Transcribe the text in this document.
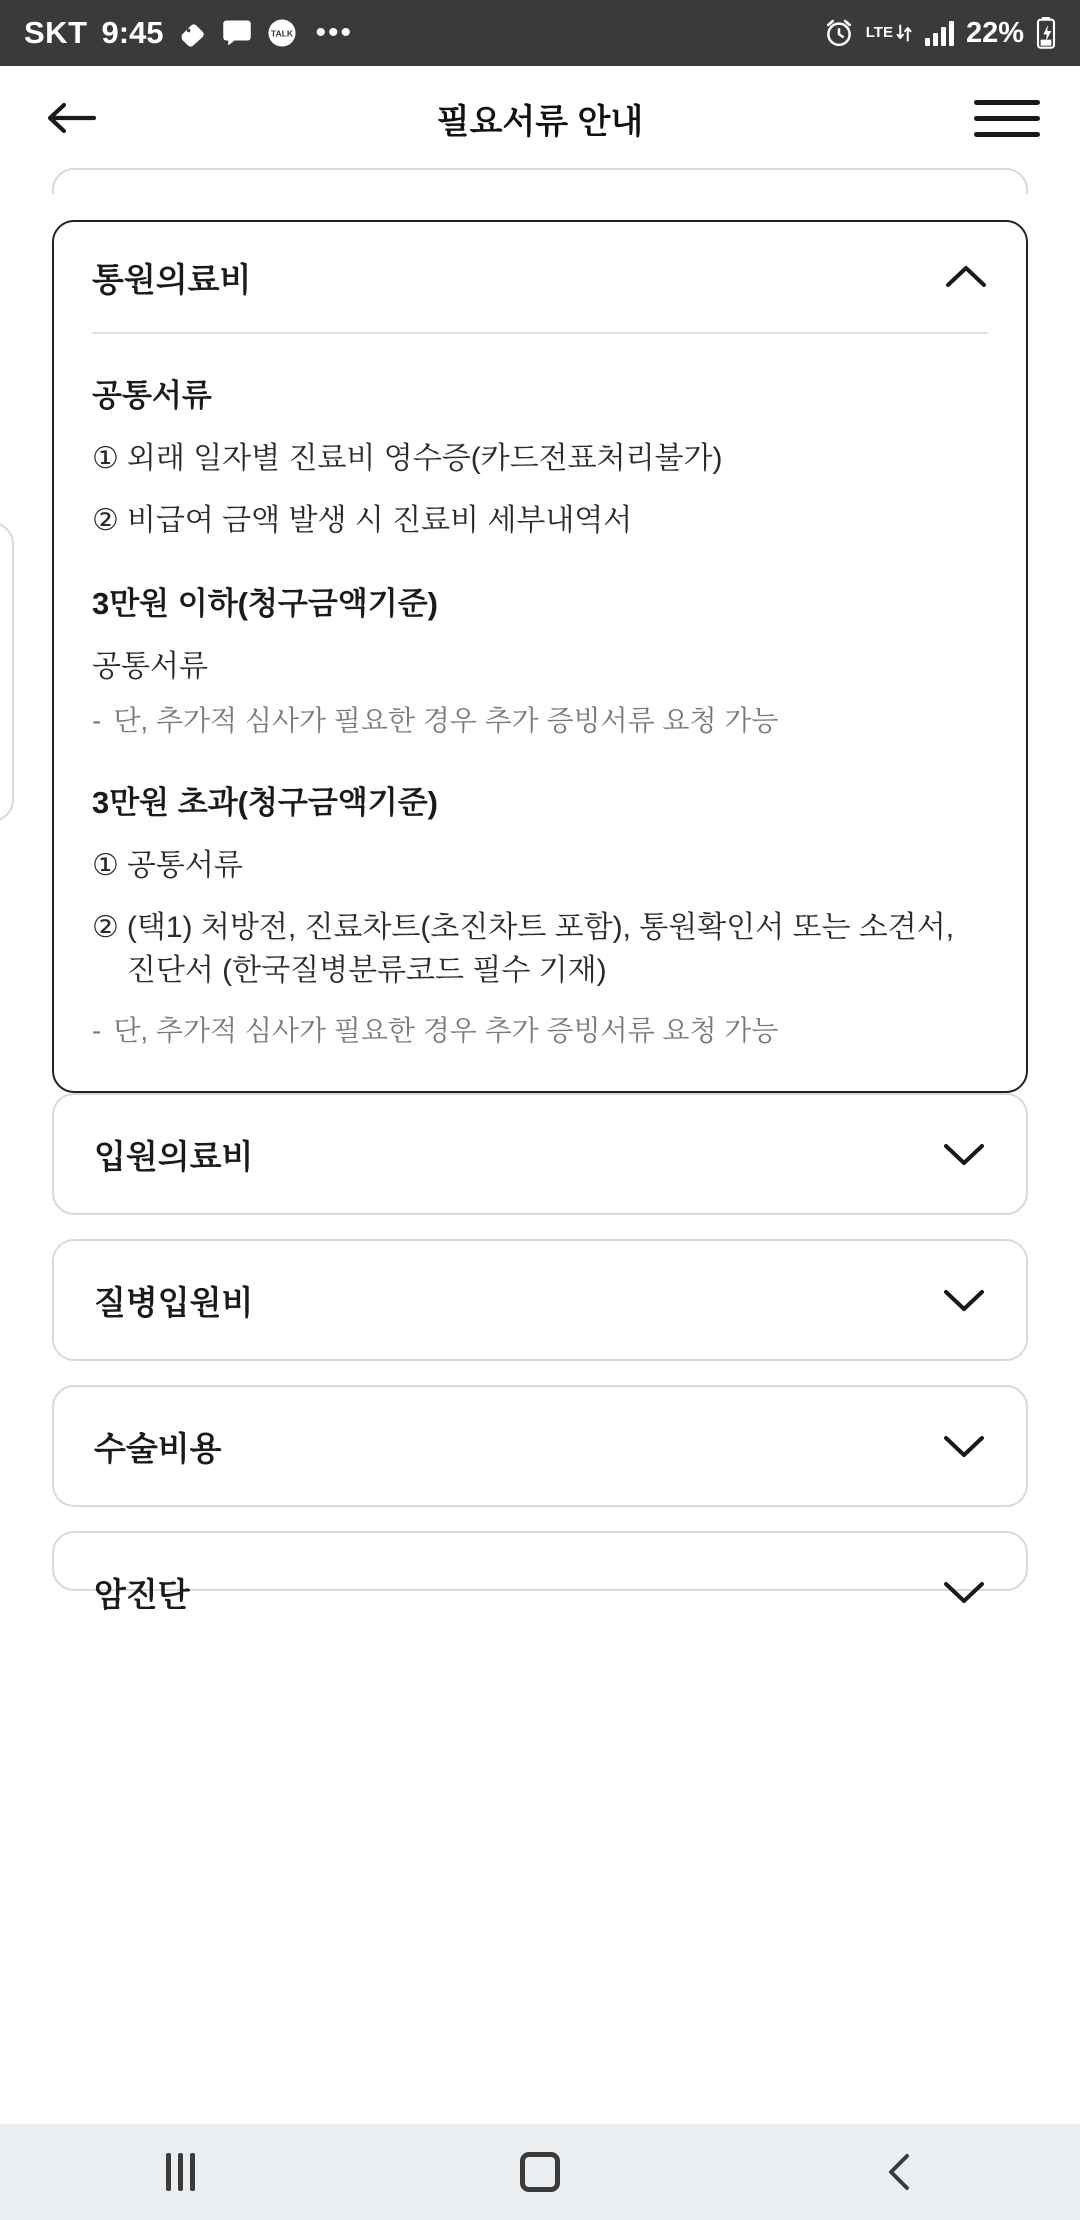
SKT 9:45	TALK •••	LTE	22%
필요서류 안내
통원의료비
공통서류
① 외래 일자별 진료비 영수증(카드전표처리불가)
② 비급여 금액 발생 시 진료비 세부내역서
3만원 이하(청구금액기준)
공통서류
- 단, 추가적 심사가 필요한 경우 추가 증빙서류 요청 가능
3만원 초과(청구금액기준)
① 공통서류
② (택1) 처방전, 진료차트(초진차트 포함), 통원확인서 또는 소견서, 진단서 (한국질병분류코드 필수 기재)
- 단, 추가적 심사가 필요한 경우 추가 증빙서류 요청 가능
입원의료비
질병입원비
수술비용
암진단
